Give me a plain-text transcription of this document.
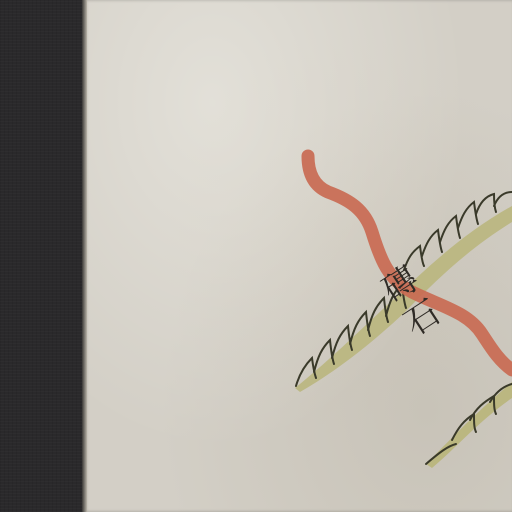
磚
石
